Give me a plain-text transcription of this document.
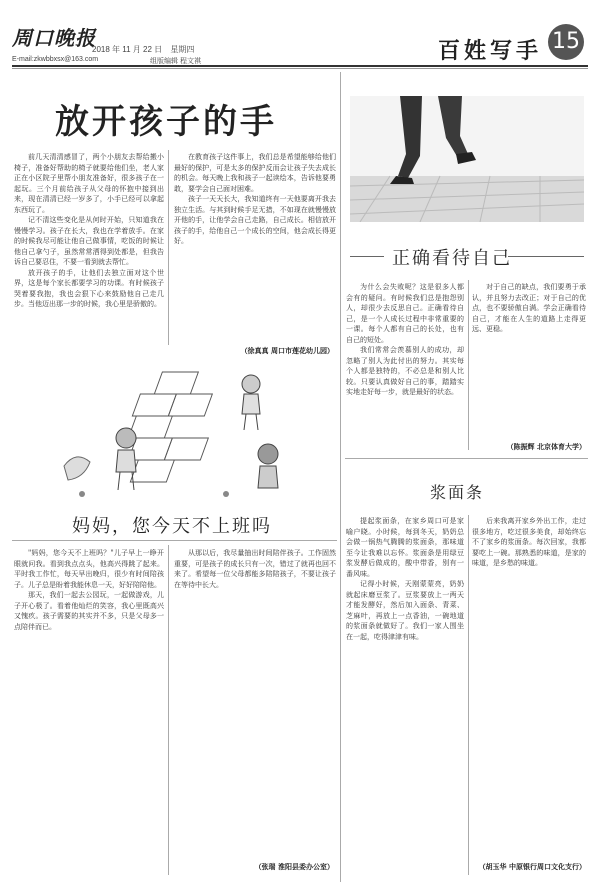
周口晚报
2018 年 11 月 22 日 星期四
E-mail:zkwbbxsx@163.com	组版编辑 程文祺	百姓写手 15
放开孩子的手

前几天清清感冒了，两个小朋友去帮给搬小椅子，准备好帮助的椅子就要给他们坐，老人家正在小区院子里帮小朋友准备好，很多孩子在一起玩。三个月前给孩子从父母的怀抱中接到出来，现在清清已经一岁多了，小手已经可以拿起东西玩了。

记不清这些变化是从何时开始，只知道我在慢慢学习。孩子在长大，我也在学着放手。在家的时候我尽可能让他自己做事情，吃饭的时候让他自己拿勺子，虽然常常洒得到处都是，但我告诉自己要忍住，不要一看到就去帮忙。

放开孩子的手，让他们去独立面对这个世界，这是每个家长都要学习的功课。有时候孩子哭着要我抱，我也会狠下心来鼓励他自己走几步。当他迈出那一步的时候，我心里是骄傲的。

在教育孩子这件事上，我们总是希望能够给他们最好的保护，可是太多的保护反而会让孩子失去成长的机会。每天晚上我和孩子一起读绘本，告诉他要勇敢，要学会自己面对困难。

孩子一天天长大，我知道终有一天他要离开我去独立生活。与其到时候手足无措，不如现在就慢慢放开他的手，让他学会自己走路，自己成长。相信放开孩子的手，给他自己一个成长的空间，他会成长得更好。

（徐真真 周口市莲花幼儿园）
妈妈，您今天不上班吗

"妈妈，您今天不上班吗？"儿子早上一睁开眼就问我。看到我点点头，他高兴得跳了起来。平时我工作忙，每天早出晚归，很少有时间陪孩子。儿子总是盼着我能休息一天，好好陪陪他。

那天，我们一起去公园玩，一起做游戏，儿子开心极了。看着他灿烂的笑容，我心里既高兴又愧疚。孩子需要的其实并不多，只是父母多一点陪伴而已。

从那以后，我尽量抽出时间陪伴孩子。工作固然重要，可是孩子的成长只有一次，错过了就再也回不来了。希望每一位父母都能多陪陪孩子，不要让孩子在等待中长大。

（张瑞 淮阳县委办公室）
正确看待自己

为什么会失败呢？这是很多人都会有的疑问。有时候我们总是抱怨别人，却很少去反思自己。正确看待自己，是一个人成长过程中非常重要的一课。每个人都有自己的长处，也有自己的短处。

我们常常会羡慕别人的成功，却忽略了别人为此付出的努力。其实每个人都是独特的，不必总是和别人比较。只要认真做好自己的事，踏踏实实地走好每一步，就是最好的状态。

对于自己的缺点，我们要勇于承认，并且努力去改正；对于自己的优点，也不要骄傲自满。学会正确看待自己，才能在人生的道路上走得更远、更稳。

（陈振辉 北京体育大学）
浆面条

提起浆面条，在家乡周口可是家喻户晓。小时候，每到冬天，奶奶总会做一锅热气腾腾的浆面条，那味道至今让我难以忘怀。浆面条是用绿豆浆发酵后做成的，酸中带香，别有一番风味。

记得小时候，天刚蒙蒙亮，奶奶就起床磨豆浆了。豆浆要放上一两天才能发酵好，然后加入面条、青菜、芝麻叶，再放上一点香油，一碗地道的浆面条就做好了。我们一家人围坐在一起，吃得津津有味。

后来我离开家乡外出工作，走过很多地方，吃过很多美食，却始终忘不了家乡的浆面条。每次回家，我都要吃上一碗。那熟悉的味道，是家的味道，是乡愁的味道。

（胡玉华 中原银行周口文化支行）
